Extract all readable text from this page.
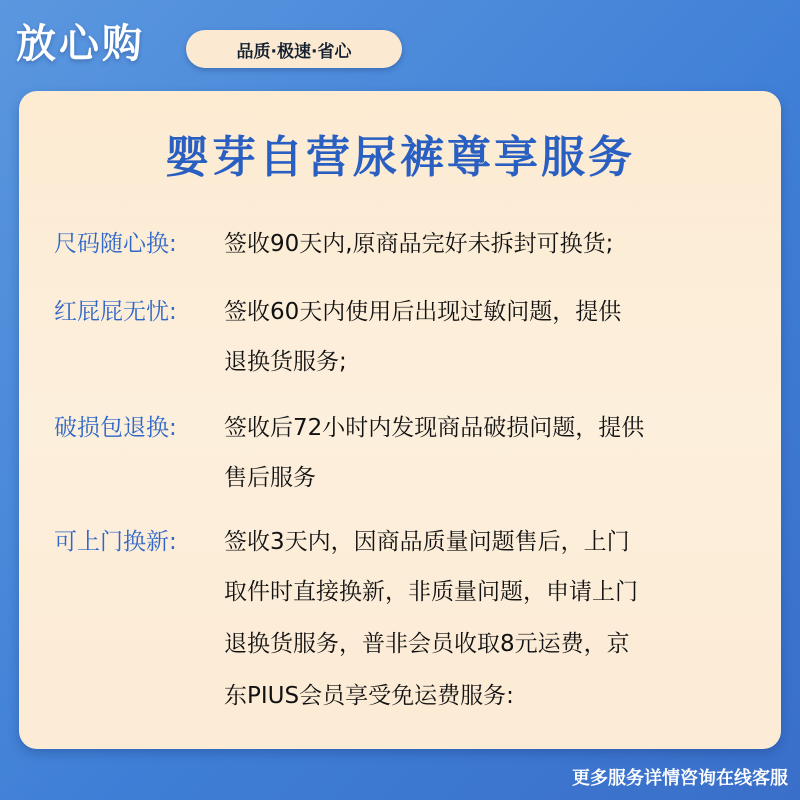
放心购	品质·极速·省心
婴芽自营尿裤尊享服务
尺码随心换: 签收90天内,原商品完好未拆封可换货;
红屁屁无忧: 签收60天内使用后出现过敏问题，提供
退换货服务;
破损包退换: 签收后72小时内发现商品破损问题，提供
售后服务
可上门换新: 签收3天内，因商品质量问题售后，上门
取件时直接换新，非质量问题，申请上门
退换货服务，普非会员收取8元运费，京
东PIUS会员享受免运费服务:
更多服务详情咨询在线客服
